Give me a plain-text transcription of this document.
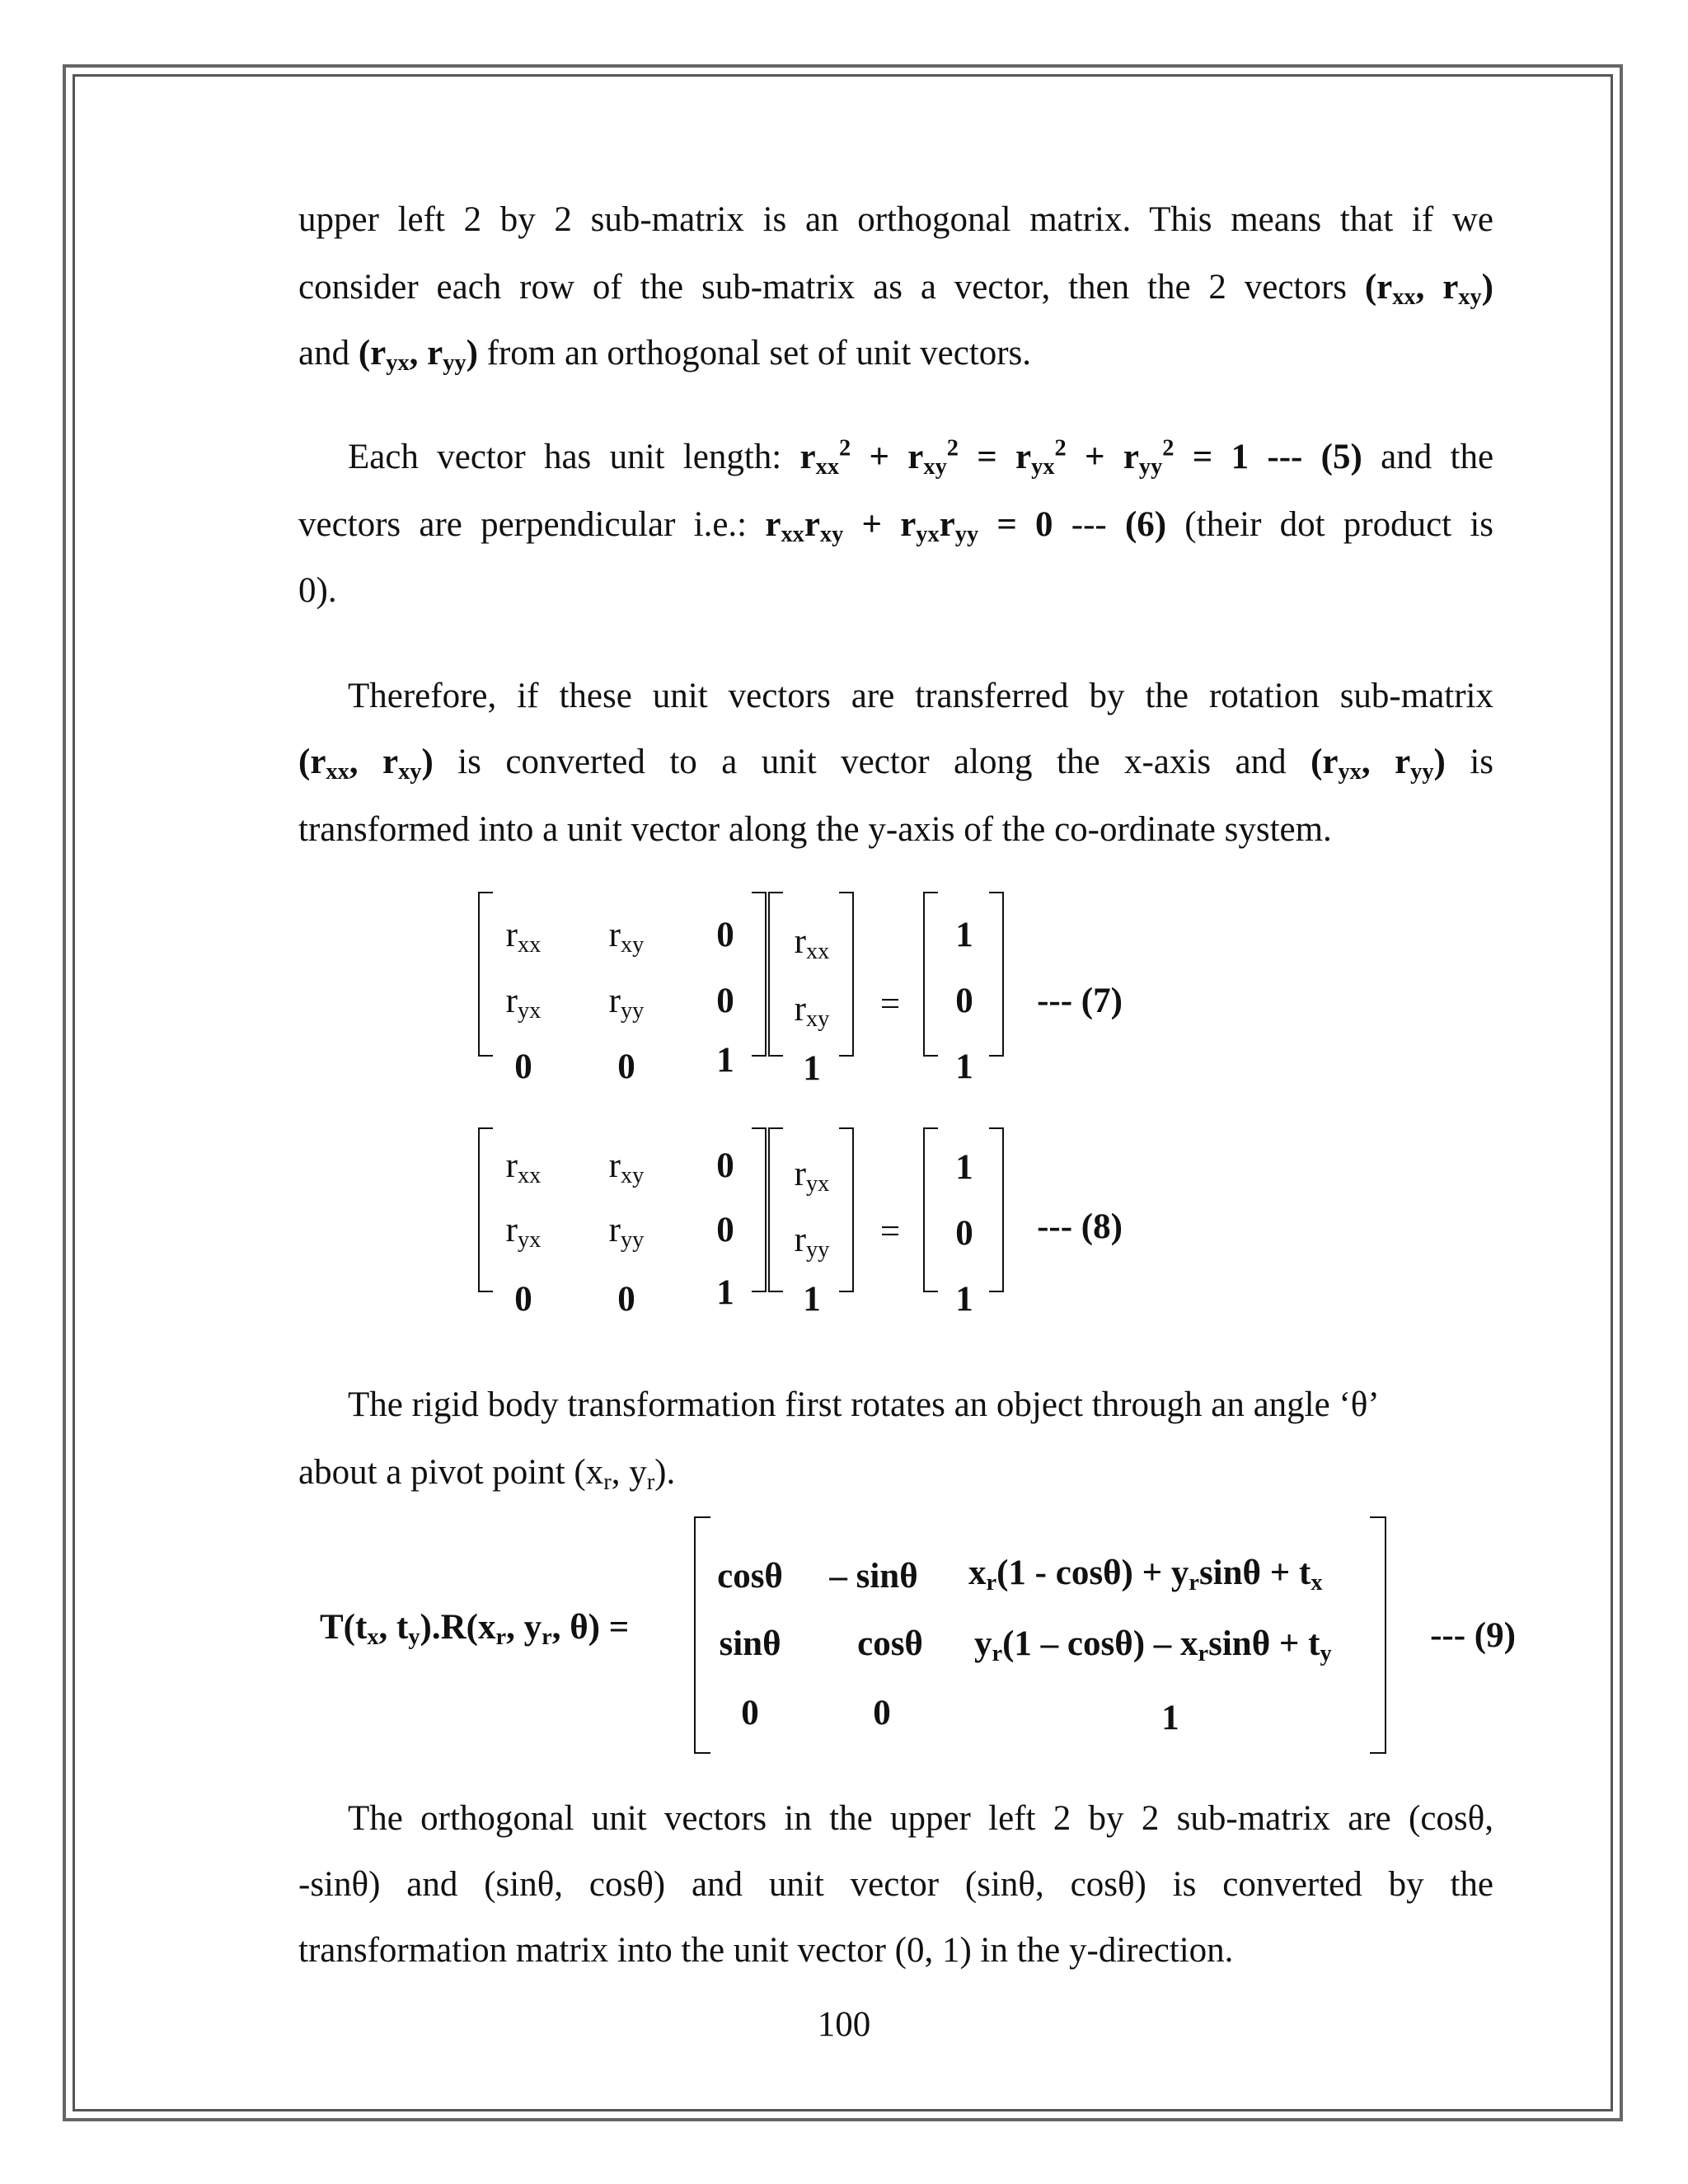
upper left 2 by 2 sub-matrix is an orthogonal matrix. This means that if we
consider each row of the sub-matrix as a vector, then the 2 vectors ($r_{xx}$, $r_{xy}$)
and ($r_{yx}$, $r_{yy}$) from an orthogonal set of unit vectors.
Each vector has unit length: $r_{xx}^2 + r_{xy}^2 = r_{yx}^2 + r_{yy}^2 = 1$ --- (5) and the
vectors are perpendicular i.e.: $r_{xx}r_{xy} + r_{yx}r_{yy} = 0$ --- (6) (their dot product is
0).
Therefore, if these unit vectors are transferred by the rotation sub-matrix
($r_{xx}$, $r_{xy}$) is converted to a unit vector along the x-axis and ($r_{yx}$, $r_{yy}$) is
transformed into a unit vector along the y-axis of the co-ordinate system.
$r_{xx}$	$r_{xy}$	0
$r_{yx}$	$r_{yy}$	0
0	0	1
$r_{xx}$
$r_{xy}$
1
=
1
0
1
--- (7)
$r_{xx}$	$r_{xy}$	0
$r_{yx}$	$r_{yy}$	0
0	0	1
$r_{yx}$
$r_{yy}$
1
=
1
0
1
--- (8)
The rigid body transformation first rotates an object through an angle ‘θ’
about a pivot point ($x_r$, $y_r$).
$T(t_x$, $t_y).R(x_r$, $y_r$, θ) =
cosθ	– sinθ	$x_r(1 - \cos\theta) + y_r\sin\theta + t_x$
sinθ	cosθ	$y_r(1 - \cos\theta) - x_r\sin\theta + t_y$
0	0	1
--- (9)
The orthogonal unit vectors in the upper left 2 by 2 sub-matrix are (cosθ,
-sinθ) and (sinθ, cosθ) and unit vector (sinθ, cosθ) is converted by the
transformation matrix into the unit vector (0, 1) in the y-direction.
100
